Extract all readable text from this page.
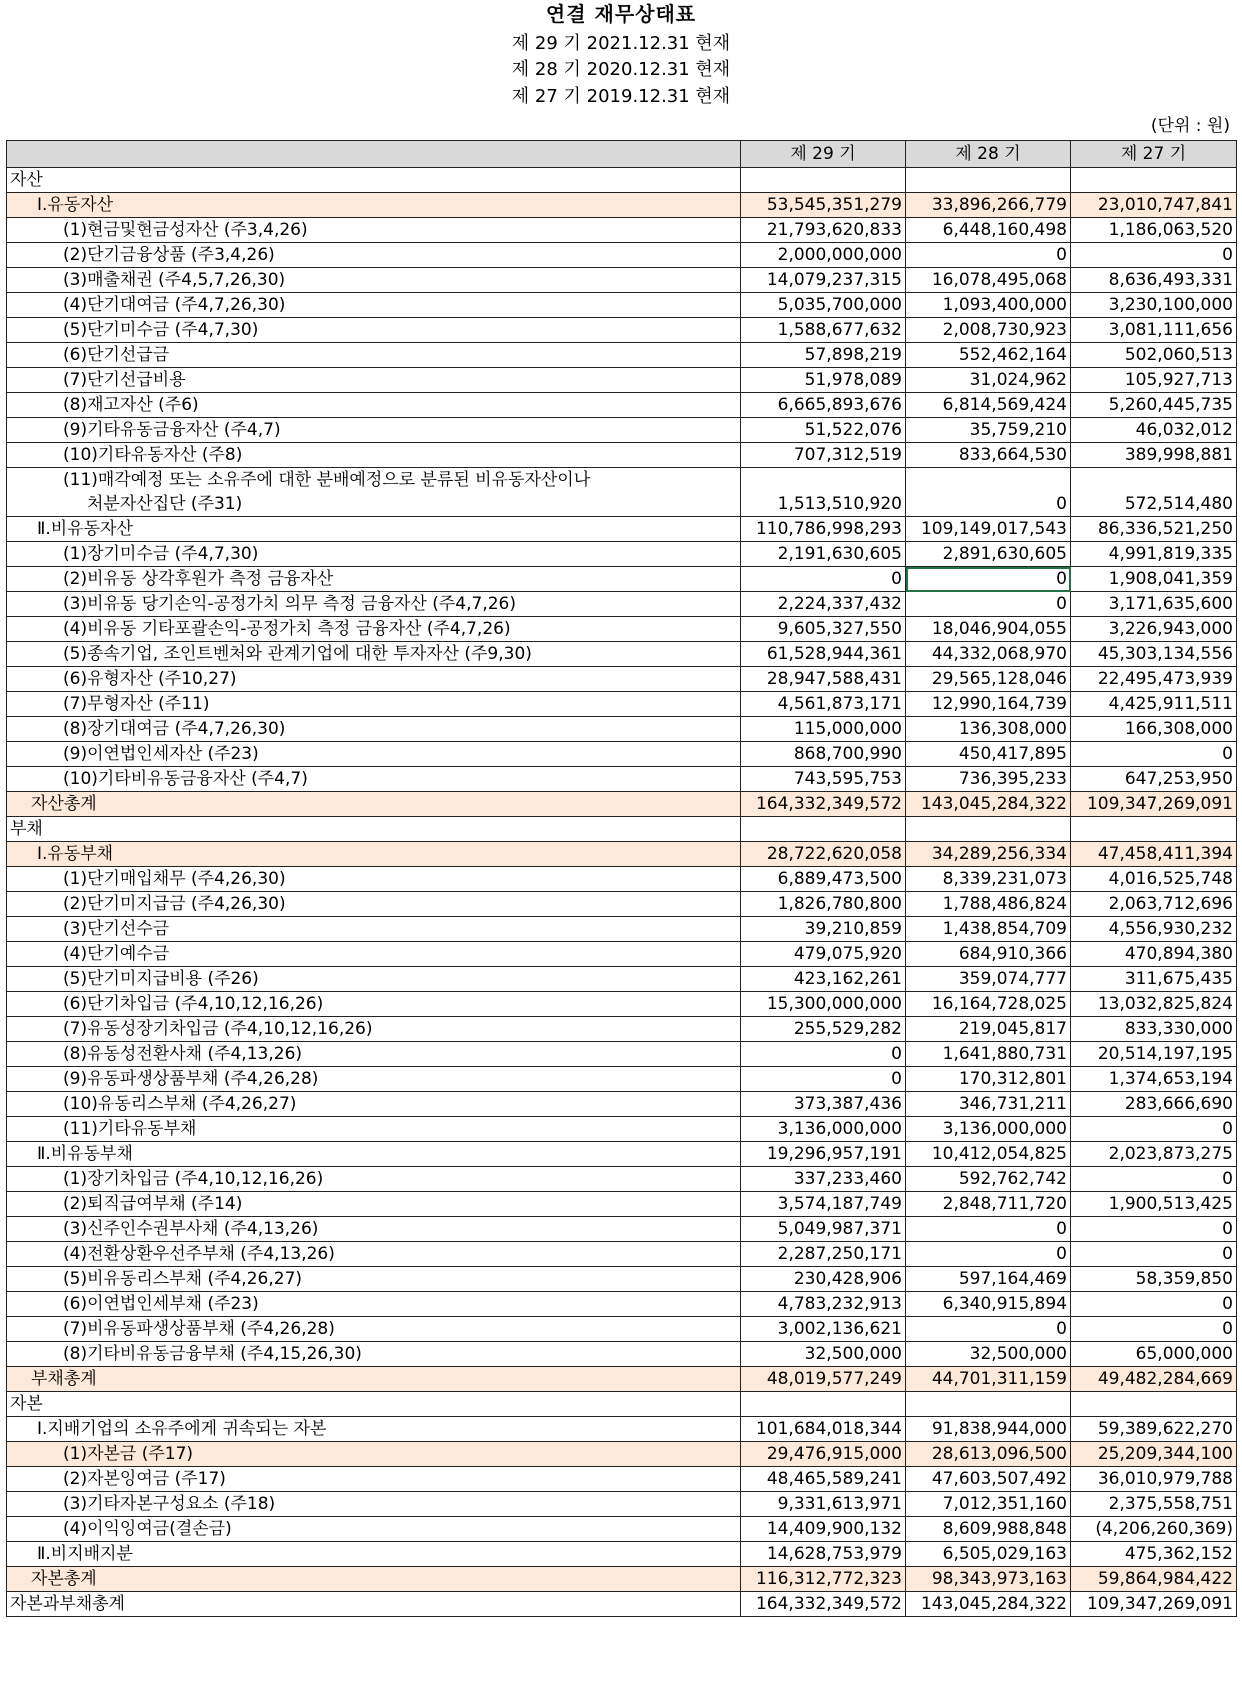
연결 재무상태표
제 29 기 2021.12.31 현재
제 28 기 2020.12.31 현재
제 27 기 2019.12.31 현재
(단위 : 원)
	제 29 기	제 28 기	제 27 기
자산			
Ⅰ.유동자산	53,545,351,279	33,896,266,779	23,010,747,841
(1)현금및현금성자산 (주3,4,26)	21,793,620,833	6,448,160,498	1,186,063,520
(2)단기금융상품 (주3,4,26)	2,000,000,000	0	0
(3)매출채권 (주4,5,7,26,30)	14,079,237,315	16,078,495,068	8,636,493,331
(4)단기대여금 (주4,7,26,30)	5,035,700,000	1,093,400,000	3,230,100,000
(5)단기미수금 (주4,7,30)	1,588,677,632	2,008,730,923	3,081,111,656
(6)단기선급금	57,898,219	552,462,164	502,060,513
(7)단기선급비용	51,978,089	31,024,962	105,927,713
(8)재고자산 (주6)	6,665,893,676	6,814,569,424	5,260,445,735
(9)기타유동금융자산 (주4,7)	51,522,076	35,759,210	46,032,012
(10)기타유동자산 (주8)	707,312,519	833,664,530	389,998,881

(11)매각예정 또는 소유주에 대한 분배예정으로 분류된 비유동자산이나
처분자산집단 (주31)	1,513,510,920	0	572,514,480
Ⅱ.비유동자산	110,786,998,293	109,149,017,543	86,336,521,250
(1)장기미수금 (주4,7,30)	2,191,630,605	2,891,630,605	4,991,819,335
(2)비유동 상각후원가 측정 금융자산	0	0	1,908,041,359
(3)비유동 당기손익-공정가치 의무 측정 금융자산 (주4,7,26)	2,224,337,432	0	3,171,635,600
(4)비유동 기타포괄손익-공정가치 측정 금융자산 (주4,7,26)	9,605,327,550	18,046,904,055	3,226,943,000
(5)종속기업, 조인트벤처와 관계기업에 대한 투자자산 (주9,30)	61,528,944,361	44,332,068,970	45,303,134,556
(6)유형자산 (주10,27)	28,947,588,431	29,565,128,046	22,495,473,939
(7)무형자산 (주11)	4,561,873,171	12,990,164,739	4,425,911,511
(8)장기대여금 (주4,7,26,30)	115,000,000	136,308,000	166,308,000
(9)이연법인세자산 (주23)	868,700,990	450,417,895	0
(10)기타비유동금융자산 (주4,7)	743,595,753	736,395,233	647,253,950
자산총계	164,332,349,572	143,045,284,322	109,347,269,091
부채			
Ⅰ.유동부채	28,722,620,058	34,289,256,334	47,458,411,394
(1)단기매입채무 (주4,26,30)	6,889,473,500	8,339,231,073	4,016,525,748
(2)단기미지급금 (주4,26,30)	1,826,780,800	1,788,486,824	2,063,712,696
(3)단기선수금	39,210,859	1,438,854,709	4,556,930,232
(4)단기예수금	479,075,920	684,910,366	470,894,380
(5)단기미지급비용 (주26)	423,162,261	359,074,777	311,675,435
(6)단기차입금 (주4,10,12,16,26)	15,300,000,000	16,164,728,025	13,032,825,824
(7)유동성장기차입금 (주4,10,12,16,26)	255,529,282	219,045,817	833,330,000
(8)유동성전환사채 (주4,13,26)	0	1,641,880,731	20,514,197,195
(9)유동파생상품부채 (주4,26,28)	0	170,312,801	1,374,653,194
(10)유동리스부채 (주4,26,27)	373,387,436	346,731,211	283,666,690
(11)기타유동부채	3,136,000,000	3,136,000,000	0
Ⅱ.비유동부채	19,296,957,191	10,412,054,825	2,023,873,275
(1)장기차입금 (주4,10,12,16,26)	337,233,460	592,762,742	0
(2)퇴직급여부채 (주14)	3,574,187,749	2,848,711,720	1,900,513,425
(3)신주인수권부사채 (주4,13,26)	5,049,987,371	0	0
(4)전환상환우선주부채 (주4,13,26)	2,287,250,171	0	0
(5)비유동리스부채 (주4,26,27)	230,428,906	597,164,469	58,359,850
(6)이연법인세부채 (주23)	4,783,232,913	6,340,915,894	0
(7)비유동파생상품부채 (주4,26,28)	3,002,136,621	0	0
(8)기타비유동금융부채 (주4,15,26,30)	32,500,000	32,500,000	65,000,000
부채총계	48,019,577,249	44,701,311,159	49,482,284,669
자본			
Ⅰ.지배기업의 소유주에게 귀속되는 자본	101,684,018,344	91,838,944,000	59,389,622,270
(1)자본금 (주17)	29,476,915,000	28,613,096,500	25,209,344,100
(2)자본잉여금 (주17)	48,465,589,241	47,603,507,492	36,010,979,788
(3)기타자본구성요소 (주18)	9,331,613,971	7,012,351,160	2,375,558,751
(4)이익잉여금(결손금)	14,409,900,132	8,609,988,848	(4,206,260,369)
Ⅱ.비지배지분	14,628,753,979	6,505,029,163	475,362,152
자본총계	116,312,772,323	98,343,973,163	59,864,984,422
자본과부채총계	164,332,349,572	143,045,284,322	109,347,269,091
